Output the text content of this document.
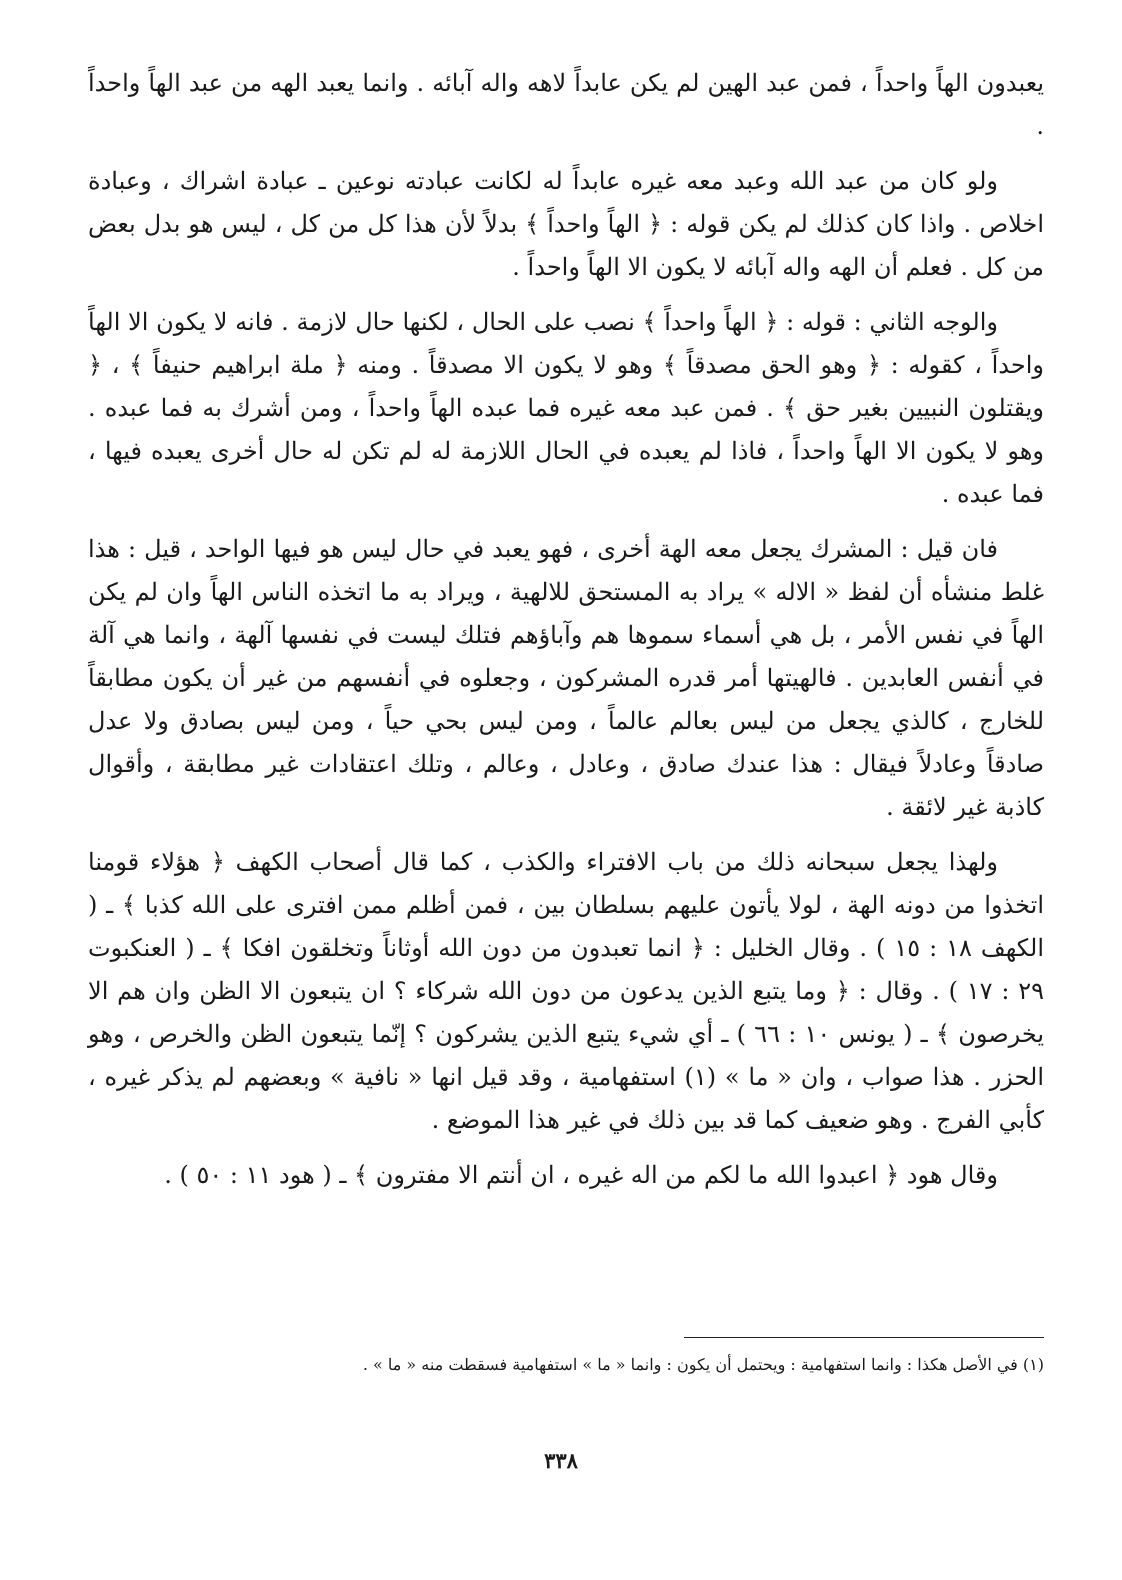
يعبدون الهاً واحداً ، فمن عبد الهين لم يكن عابداً لاهه واله آبائه . وانما يعبد الهه من عبد الهاً واحداً .

ولو كان من عبد الله وعبد معه غيره عابداً له لكانت عبادته نوعين ـ عبادة اشراك ، وعبادة اخلاص . واذا كان كذلك لم يكن قوله : ﴿ الهاً واحداً ﴾ بدلاً لأن هذا كل من كل ، ليس هو بدل بعض من كل . فعلم أن الهه واله آبائه لا يكون الا الهاً واحداً .

والوجه الثاني : قوله : ﴿ الهاً واحداً ﴾ نصب على الحال ، لكنها حال لازمة . فانه لا يكون الا الهاً واحداً ، كقوله : ﴿ وهو الحق مصدقاً ﴾ وهو لا يكون الا مصدقاً . ومنه ﴿ ملة ابراهيم حنيفاً ﴾ ، ﴿ ويقتلون النبيين بغير حق ﴾ . فمن عبد معه غيره فما عبده الهاً واحداً ، ومن أشرك به فما عبده . وهو لا يكون الا الهاً واحداً ، فاذا لم يعبده في الحال اللازمة له لم تكن له حال أخرى يعبده فيها ، فما عبده .

فان قيل : المشرك يجعل معه الهة أخرى ، فهو يعبد في حال ليس هو فيها الواحد ، قيل : هذا غلط منشأه أن لفظ « الاله » يراد به المستحق للالهية ، ويراد به ما اتخذه الناس الهاً وان لم يكن الهاً في نفس الأمر ، بل هي أسماء سموها هم وآباؤهم فتلك ليست في نفسها آلهة ، وانما هي آلة في أنفس العابدين . فالهيتها أمر قدره المشركون ، وجعلوه في أنفسهم من غير أن يكون مطابقاً للخارج ، كالذي يجعل من ليس بعالم عالماً ، ومن ليس بحي حياً ، ومن ليس بصادق ولا عدل صادقاً وعادلاً فيقال : هذا عندك صادق ، وعادل ، وعالم ، وتلك اعتقادات غير مطابقة ، وأقوال كاذبة غير لائقة .

ولهذا يجعل سبحانه ذلك من باب الافتراء والكذب ، كما قال أصحاب الكهف ﴿ هؤلاء قومنا اتخذوا من دونه الهة ، لولا يأتون عليهم بسلطان بين ، فمن أظلم ممن افترى على الله كذبا ﴾ ـ ( الكهف ١٨ : ١٥ ) . وقال الخليل : ﴿ انما تعبدون من دون الله أوثاناً وتخلقون افكا ﴾ ـ ( العنكبوت ٢٩ : ١٧ ) . وقال : ﴿ وما يتبع الذين يدعون من دون الله شركاء ؟ ان يتبعون الا الظن وان هم الا يخرصون ﴾ ـ ( يونس ١٠ : ٦٦ ) ـ أي شيء يتبع الذين يشركون ؟ إنّما يتبعون الظن والخرص ، وهو الحزر . هذا صواب ، وان « ما » (١) استفهامية ، وقد قيل انها « نافية » وبعضهم لم يذكر غيره ، كأبي الفرج . وهو ضعيف كما قد بين ذلك في غير هذا الموضع .

وقال هود ﴿ اعبدوا الله ما لكم من اله غيره ، ان أنتم الا مفترون ﴾ ـ ( هود ١١ : ٥٠ ) .

(١) في الأصل هكذا : وانما استفهامية : ويحتمل أن يكون : وانما « ما » استفهامية فسقطت منه « ما » .
٣٣٨
